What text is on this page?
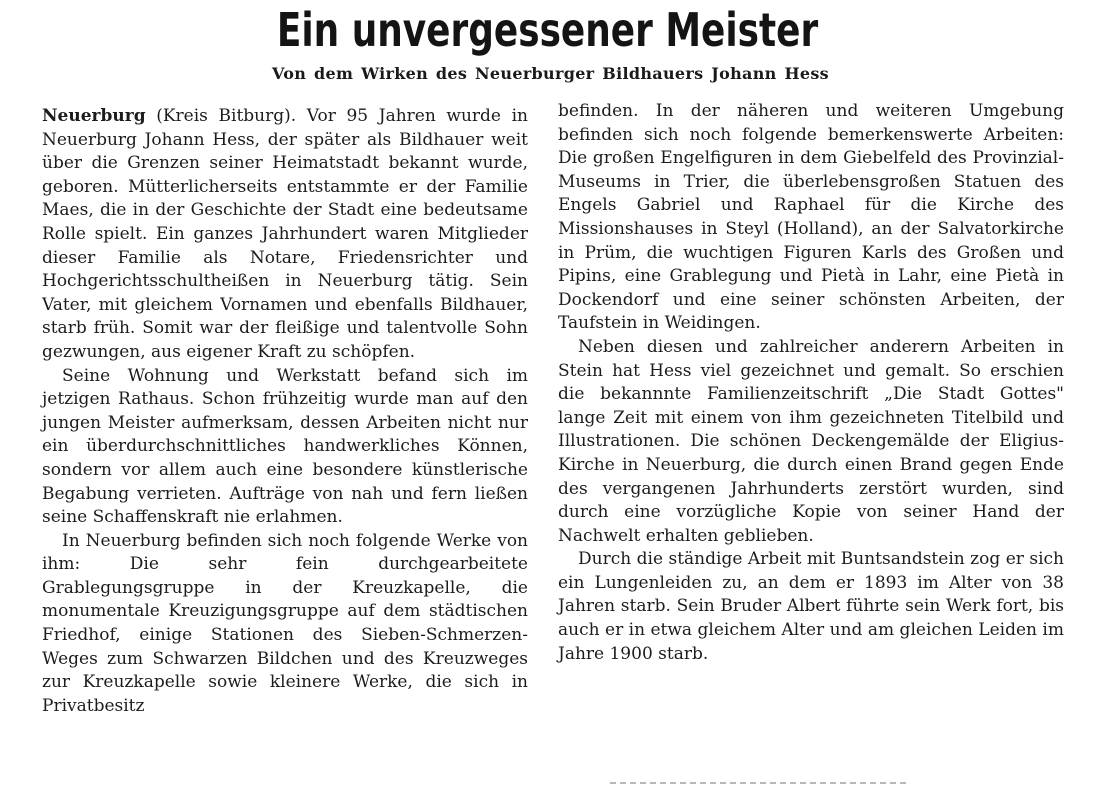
Ein unvergessener Meister
Von dem Wirken des Neuerburger Bildhauers Johann Hess

Neuerburg (Kreis Bitburg). Vor 95 Jahren wurde in Neuerburg Johann Hess, der später als Bildhauer weit über die Grenzen seiner Heimatstadt bekannt wurde, geboren. Mütterlicherseits entstammte er der Familie Maes, die in der Geschichte der Stadt eine bedeutsame Rolle spielt. Ein ganzes Jahrhundert waren Mitglieder dieser Familie als Notare, Friedensrichter und Hochgerichtsschultheißen in Neuerburg tätig. Sein Vater, mit gleichem Vornamen und ebenfalls Bildhauer, starb früh. Somit war der fleißige und talentvolle Sohn gezwungen, aus eigener Kraft zu schöpfen.

Seine Wohnung und Werkstatt befand sich im jetzigen Rathaus. Schon frühzeitig wurde man auf den jungen Meister aufmerksam, dessen Arbeiten nicht nur ein überdurchschnittliches handwerkliches Können, sondern vor allem auch eine besondere künstlerische Begabung verrieten. Aufträge von nah und fern ließen seine Schaffenskraft nie erlahmen.

In Neuerburg befinden sich noch folgende Werke von ihm: Die sehr fein durchgearbeitete Grablegungsgruppe in der Kreuzkapelle, die monumentale Kreuzigungsgruppe auf dem städtischen Friedhof, einige Stationen des Sieben-Schmerzen-Weges zum Schwarzen Bildchen und des Kreuzweges zur Kreuzkapelle sowie kleinere Werke, die sich in Privatbesitz

befinden. In der näheren und weiteren Umgebung befinden sich noch folgende bemerkenswerte Arbeiten: Die großen Engelfiguren in dem Giebelfeld des Provinzial-Museums in Trier, die überlebensgroßen Statuen des Engels Gabriel und Raphael für die Kirche des Missionshauses in Steyl (Holland), an der Salvatorkirche in Prüm, die wuchtigen Figuren Karls des Großen und Pipins, eine Grablegung und Pietà in Lahr, eine Pietà in Dockendorf und eine seiner schönsten Arbeiten, der Taufstein in Weidingen.

Neben diesen und zahlreicher anderern Arbeiten in Stein hat Hess viel gezeichnet und gemalt. So erschien die bekannnte Familienzeitschrift „Die Stadt Gottes" lange Zeit mit einem von ihm gezeichneten Titelbild und Illustrationen. Die schönen Deckengemälde der Eligius-Kirche in Neuerburg, die durch einen Brand gegen Ende des vergangenen Jahrhunderts zerstört wurden, sind durch eine vorzügliche Kopie von seiner Hand der Nachwelt erhalten geblieben.

Durch die ständige Arbeit mit Buntsandstein zog er sich ein Lungenleiden zu, an dem er 1893 im Alter von 38 Jahren starb. Sein Bruder Albert führte sein Werk fort, bis auch er in etwa gleichem Alter und am gleichen Leiden im Jahre 1900 starb.
